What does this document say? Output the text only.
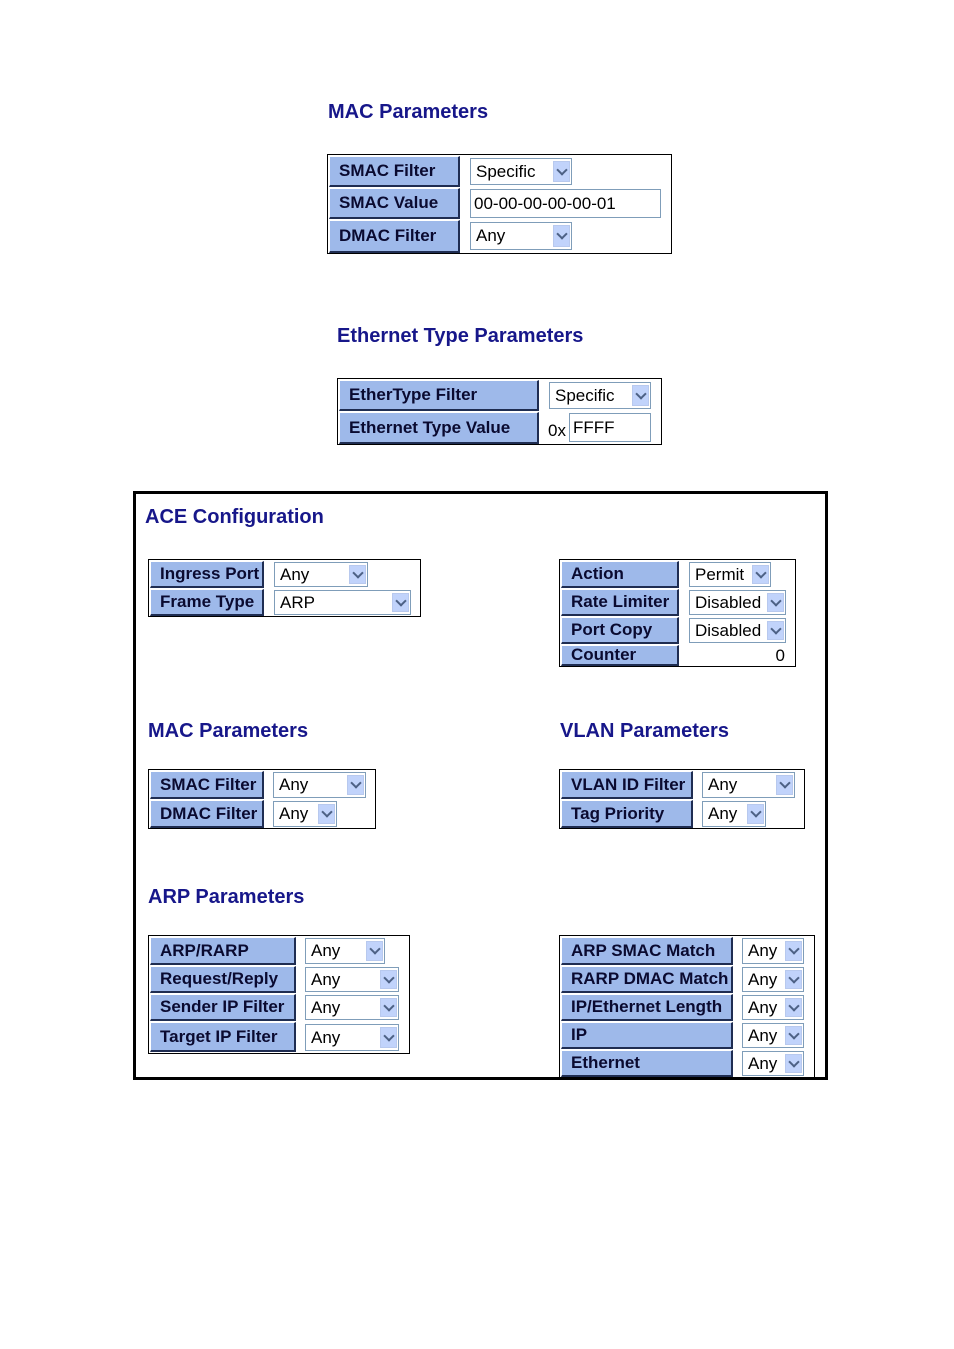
MAC Parameters
SMAC Filter	Specific
SMAC Value	00-00-00-00-00-01
DMAC Filter	Any
Ethernet Type Parameters
EtherType Filter	Specific
Ethernet Type Value	0x FFFF
ACE Configuration
Ingress Port Any
Frame Type	ARP
Action	Permit
Rate Limiter	Disabled
Port Copy	Disabled
Counter	0
MAC Parameters
SMAC Filter	Any
DMAC Filter	Any
VLAN Parameters
VLAN ID Filter	Any
Tag Priority	Any
ARP Parameters
ARP/RARP	Any
Request/Reply	Any
Sender IP Filter	Any
Target IP Filter	Any
ARP SMAC Match	Any
RARP DMAC Match Any
IP/Ethernet Length	Any
IP	Any
Ethernet	Any
